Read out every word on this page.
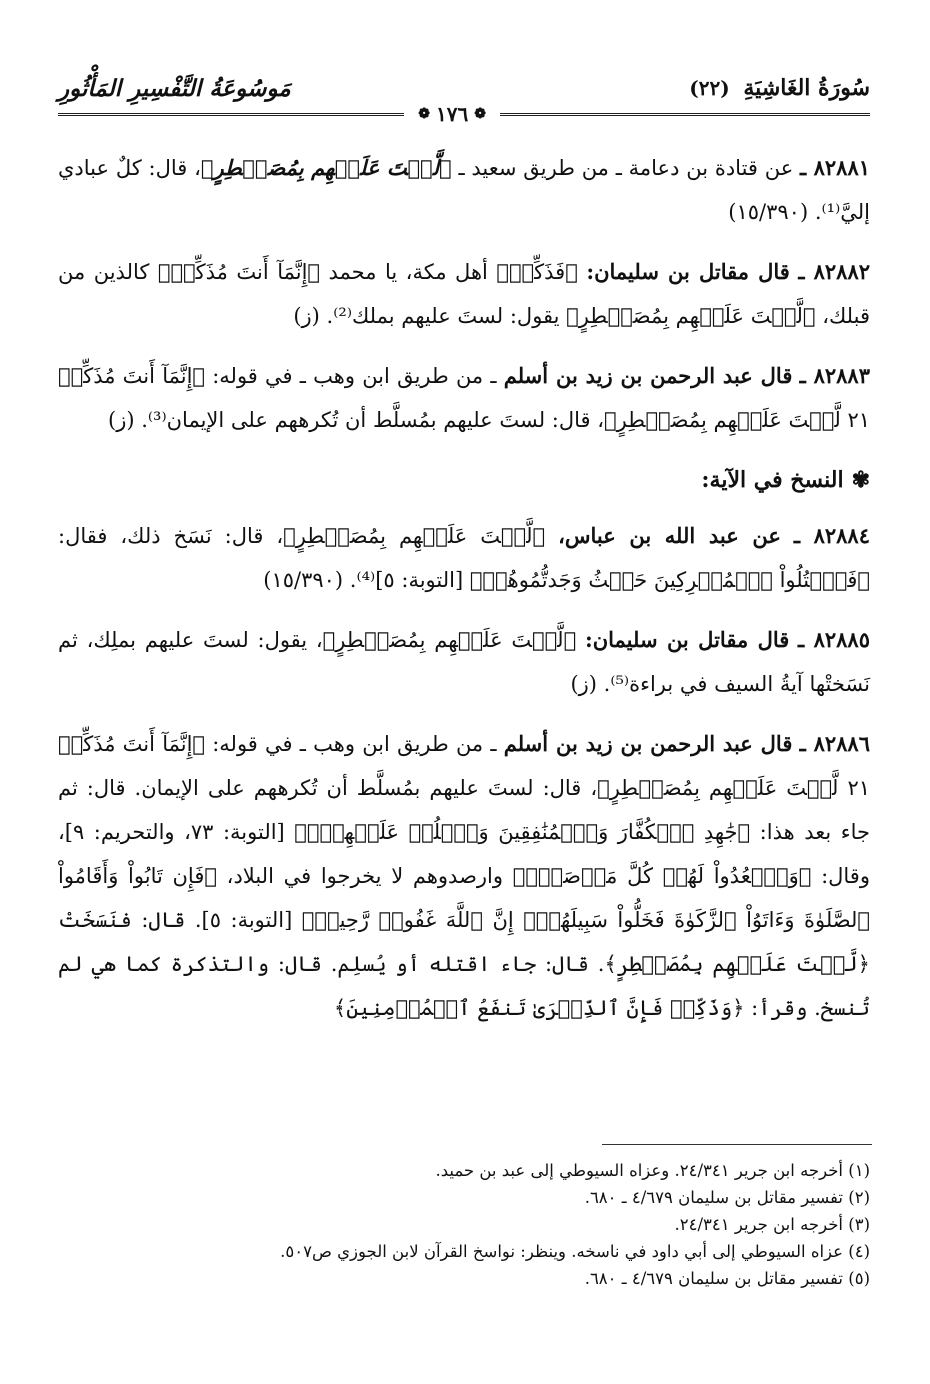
سُورَةُ الغَاشِيَةِ (٢٢)
مَوسُوعَةُ التَّفْسِيرِ المَأْثُورِ
❁
١٧٦
❁

٨٢٨٨١ ـ عن قتادة بن دعامة ـ من طريق سعيد ـ ﴿لَّسۡتَ عَلَيۡهِم بِمُصَيۡطِرٍ﴾، قال: كلٌ عبادي إليَّ⁽¹⁾. (١٥/٣٩٠)

٨٢٨٨٢ ـ قال مقاتل بن سليمان: ﴿فَذَكِّرۡ﴾ أهل مكة، يا محمد ﴿إِنَّمَآ أَنتَ مُذَكِّرٞ﴾ كالذين من قبلك، ﴿لَّسۡتَ عَلَيۡهِم بِمُصَيۡطِرٍ﴾ يقول: لستَ عليهم بملك⁽²⁾. (ز)

٨٢٨٨٣ ـ قال عبد الرحمن بن زيد بن أسلم ـ من طريق ابن وهب ـ في قوله: ﴿إِنَّمَآ أَنتَ مُذَكِّرٞ ٢١ لَّسۡتَ عَلَيۡهِم بِمُصَيۡطِرٍ﴾، قال: لستَ عليهم بمُسلَّط أن تُكرههم على الإيمان⁽³⁾. (ز)

✾النسخ في الآية:

٨٢٨٨٤ ـ عن عبد الله بن عباس، ﴿لَّسۡتَ عَلَيۡهِم بِمُصَيۡطِرٍ﴾، قال: نَسَخ ذلك، فقال: ﴿فَٱقۡتُلُواْ ٱلۡمُشۡرِكِينَ حَيۡثُ وَجَدتُّمُوهُمۡ﴾ [التوبة: ٥]⁽⁴⁾. (١٥/٣٩٠)

٨٢٨٨٥ ـ قال مقاتل بن سليمان: ﴿لَّسۡتَ عَلَيۡهِم بِمُصَيۡطِرٍ﴾، يقول: لستَ عليهم بملِك، ثم نَسَختْها آيةُ السيف في براءة⁽⁵⁾. (ز)

٨٢٨٨٦ ـ قال عبد الرحمن بن زيد بن أسلم ـ من طريق ابن وهب ـ في قوله: ﴿إِنَّمَآ أَنتَ مُذَكِّرٞ ٢١ لَّسۡتَ عَلَيۡهِم بِمُصَيۡطِرٍ﴾، قال: لستَ عليهم بمُسلَّط أن تُكرههم على الإيمان. قال: ثم جاء بعد هذا: ﴿جَٰهِدِ ٱلۡكُفَّارَ وَٱلۡمُنَٰفِقِينَ وَٱغۡلُظۡ عَلَيۡهِمۡۚ﴾ [التوبة: ٧٣، والتحريم: ٩]، وقال: ﴿وَٱقۡعُدُواْ لَهُمۡ كُلَّ مَرۡصَدٖۚ﴾ وارصدوهم لا يخرجوا في البلاد، ﴿فَإِن تَابُواْ وَأَقَامُواْ ٱلصَّلَوٰةَ وَءَاتَوُاْ ٱلزَّكَوٰةَ فَخَلُّواْ سَبِيلَهُمۡۚ إِنَّ ٱللَّهَ غَفُورٞ رَّحِيمٞ﴾ [التوبة: ٥]. قال: فنَسَخَتْ ﴿لَّسۡتَ عَلَيۡهِم بِمُصَيۡطِرٍ﴾. قال: جاء اقتله أو يُسلِم. قال: والتذكرة كما هي لم تُنسخ. وقرأ: ﴿وَذَكِّرۡ فَإِنَّ ٱلذِّكۡرَىٰ تَنفَعُ ٱلۡمُؤۡمِنِينَ﴾

(١) أخرجه ابن جرير ٢٤/٣٤١. وعزاه السيوطي إلى عبد بن حميد.
(٢) تفسير مقاتل بن سليمان ٤/٦٧٩ ـ ٦٨٠.
(٣) أخرجه ابن جرير ٢٤/٣٤١.
(٤) عزاه السيوطي إلى أبي داود في ناسخه. وينظر: نواسخ القرآن لابن الجوزي ص٥٠٧.
(٥) تفسير مقاتل بن سليمان ٤/٦٧٩ ـ ٦٨٠.
